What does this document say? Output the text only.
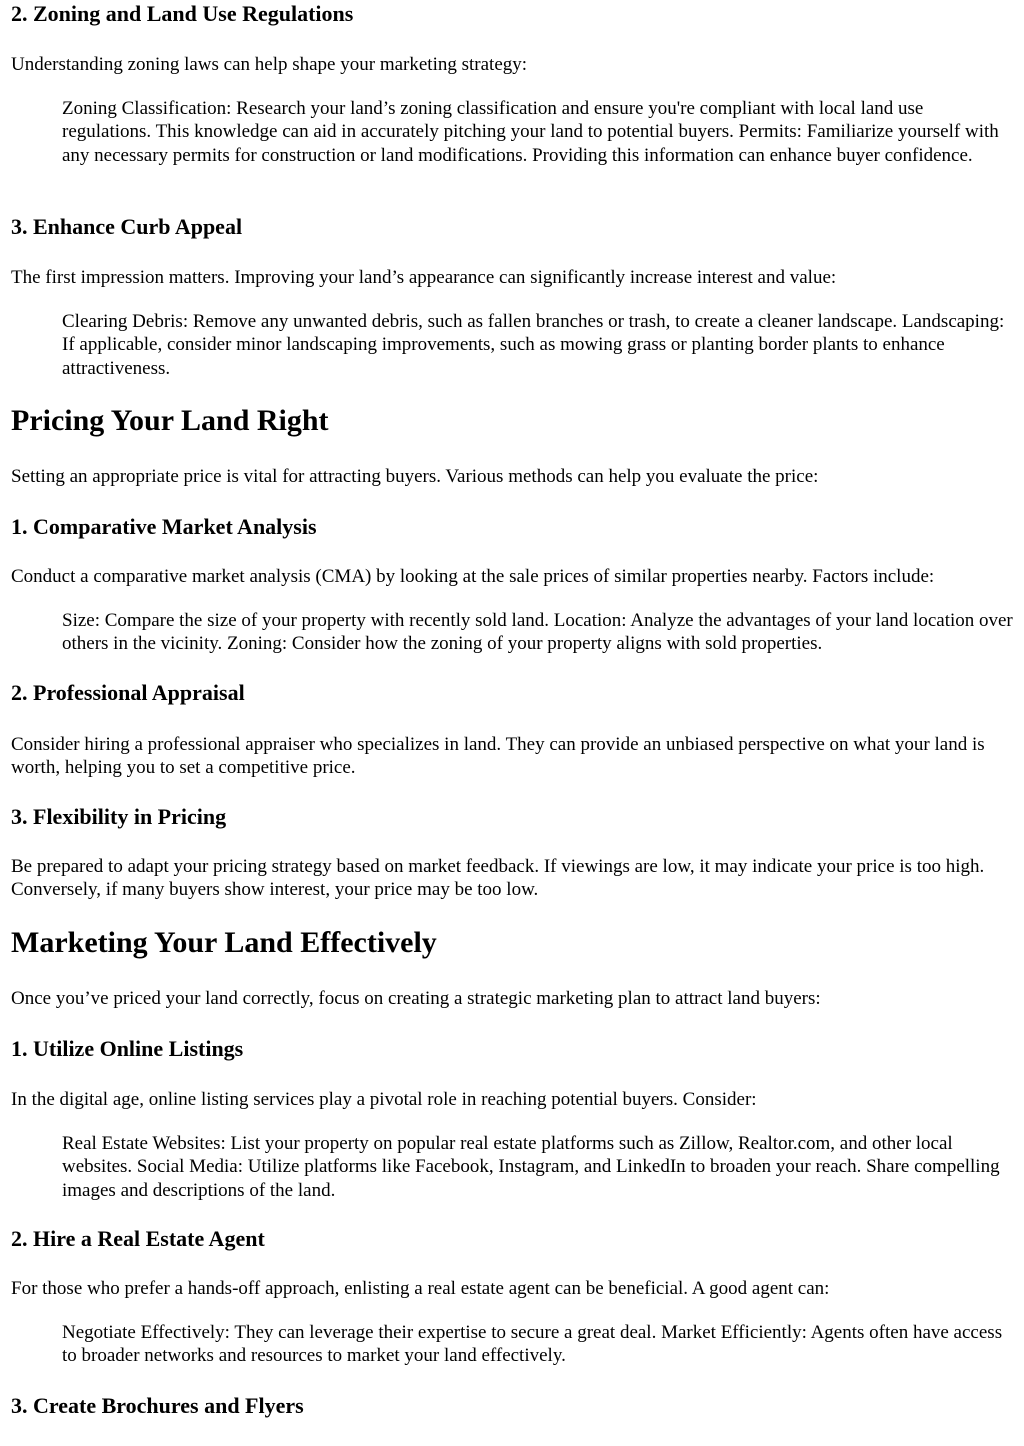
2. Zoning and Land Use Regulations

Understanding zoning laws can help shape your marketing strategy:

Zoning Classification: Research your land’s zoning classification and ensure you're compliant with local land use regulations. This knowledge can aid in accurately pitching your land to potential buyers. Permits: Familiarize yourself with any necessary permits for construction or land modifications. Providing this information can enhance buyer confidence.
3. Enhance Curb Appeal

The first impression matters. Improving your land’s appearance can significantly increase interest and value:

Clearing Debris: Remove any unwanted debris, such as fallen branches or trash, to create a cleaner landscape. Landscaping: If applicable, consider minor landscaping improvements, such as mowing grass or planting border plants to enhance attractiveness.
Pricing Your Land Right

Setting an appropriate price is vital for attracting buyers. Various methods can help you evaluate the price:

1. Comparative Market Analysis

Conduct a comparative market analysis (CMA) by looking at the sale prices of similar properties nearby. Factors include:

Size: Compare the size of your property with recently sold land. Location: Analyze the advantages of your land location over others in the vicinity. Zoning: Consider how the zoning of your property aligns with sold properties.
2. Professional Appraisal

Consider hiring a professional appraiser who specializes in land. They can provide an unbiased perspective on what your land is worth, helping you to set a competitive price.

3. Flexibility in Pricing

Be prepared to adapt your pricing strategy based on market feedback. If viewings are low, it may indicate your price is too high. Conversely, if many buyers show interest, your price may be too low.

Marketing Your Land Effectively

Once you’ve priced your land correctly, focus on creating a strategic marketing plan to attract land buyers:

1. Utilize Online Listings

In the digital age, online listing services play a pivotal role in reaching potential buyers. Consider:

Real Estate Websites: List your property on popular real estate platforms such as Zillow, Realtor.com, and other local websites. Social Media: Utilize platforms like Facebook, Instagram, and LinkedIn to broaden your reach. Share compelling images and descriptions of the land.
2. Hire a Real Estate Agent

For those who prefer a hands-off approach, enlisting a real estate agent can be beneficial. A good agent can:

Negotiate Effectively: They can leverage their expertise to secure a great deal. Market Efficiently: Agents often have access to broader networks and resources to market your land effectively.
3. Create Brochures and Flyers
